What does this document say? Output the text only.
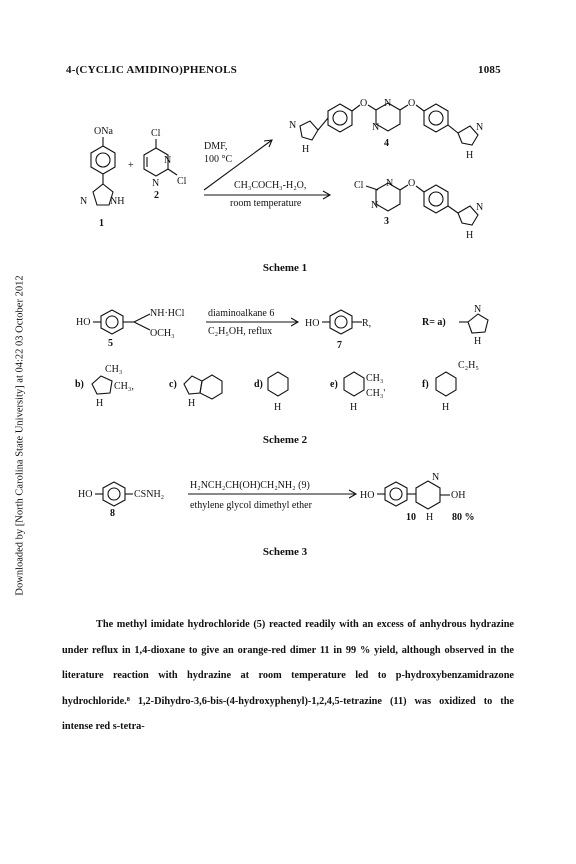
4-(CYCLIC AMIDINO)PHENOLS	1085
Downloaded by [North Carolina State University] at 04:22 03 October 2012
ONa
N NH
1
+
Cl
N
N Cl
2
DMF,
100 °C
CH₃COCH₃-H₂O,
room temperature
N
H
O N
N
4
O
N
H
Cl N
N
3
O
N
H
Scheme 1
HO
NH·HCl
OCH₃
5
diaminoalkane 6
C₂H₅OH, reflux
HO	R,
7
R= a)
N
H
b)
CH₃
CH₃,
H
c)
H
d)
H
e)
CH₃
CH₃'
H
f)
C₂H₅
H
Scheme 2
HO	CSNH₂
8
H₂NCH₂CH(OH)CH₂NH₂ (9)
ethylene glycol dimethyl ether
HO
N
OH
10 H 80 %
Scheme 3

The methyl imidate hydrochloride (5) reacted readily with an excess of anhydrous hydrazine under reflux in 1,4-dioxane to give an orange-red dimer 11 in 99 % yield, although observed in the literature reaction with hydrazine at room temperature led to p-hydroxybenzamidrazone hydrochloride.⁸ 1,2-Dihydro-3,6-bis-(4-hydroxyphenyl)-1,2,4,5-tetrazine (11) was oxidized to the intense red s-tetra-
